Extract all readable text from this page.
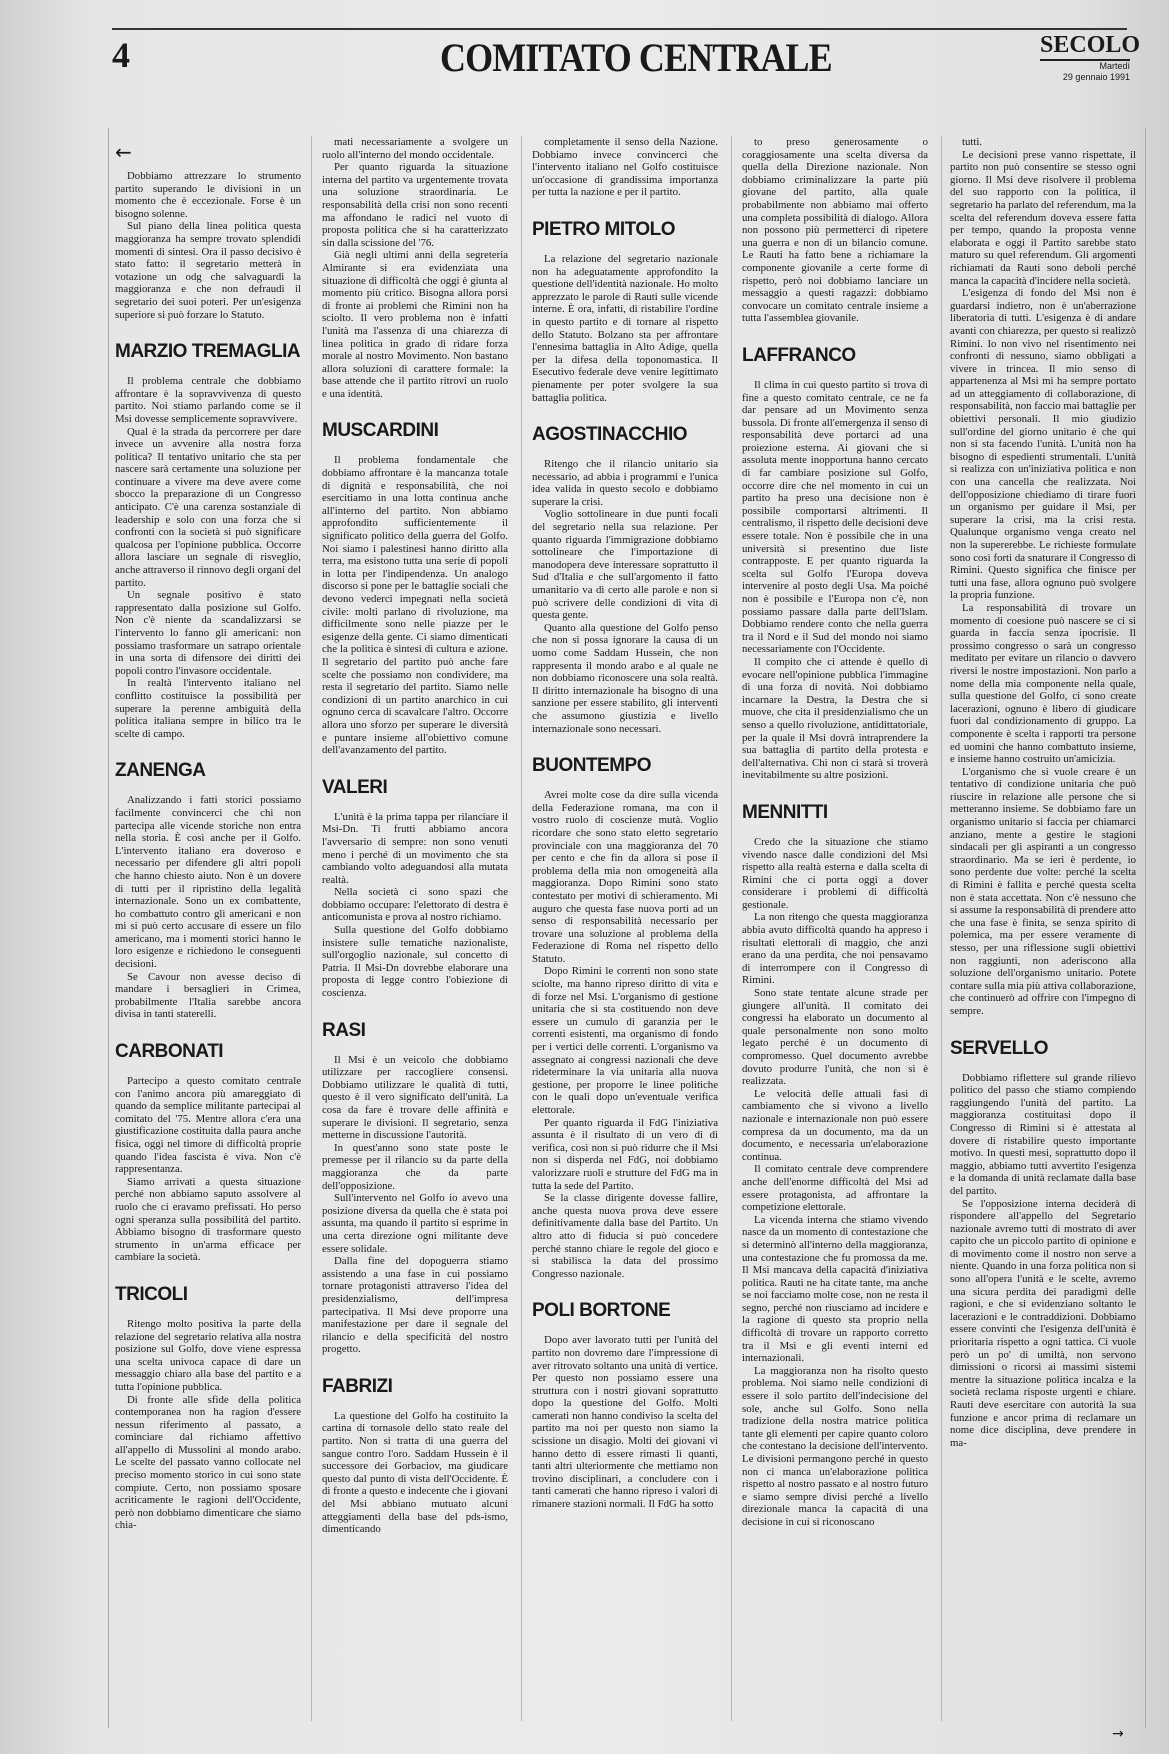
4	COMITATO CENTRALE	SECOLO
Martedì
29 gennaio 1991
←

Dobbiamo attrezzare lo strumento partito superando le divisioni in un momento che è eccezionale. Forse è un bisogno solenne.

Sul piano della linea politica questa maggioranza ha sempre trovato splendidi momenti di sintesi. Ora il passo decisivo è stato fatto: il segretario metterà in votazione un odg che salvaguardi la maggioranza e che non defraudi il segretario dei suoi poteri. Per un'esigenza superiore si può forzare lo Statuto.

MARZIO TREMAGLIA

Il problema centrale che dobbiamo affrontare è la sopravvivenza di questo partito. Noi stiamo parlando come se il Msi dovesse semplicemente sopravvivere.

Qual è la strada da percorrere per dare invece un avvenire alla nostra forza politica? Il tentativo unitario che sta per nascere sarà certamente una soluzione per continuare a vivere ma deve avere come sbocco la preparazione di un Congresso anticipato. C'è una carenza sostanziale di leadership e solo con una forza che si confronti con la società si può significare qualcosa per l'opinione pubblica. Occorre allora lasciare un segnale di risveglio, anche attraverso il rinnovo degli organi del partito.

Un segnale positivo è stato rappresentato dalla posizione sul Golfo. Non c'è niente da scandalizzarsi se l'intervento lo fanno gli americani: non possiamo trasformare un satrapo orientale in una sorta di difensore dei diritti dei popoli contro l'invasore occidentale.

In realtà l'intervento italiano nel conflitto costituisce la possibilità per superare la perenne ambiguità della politica italiana sempre in bilico tra le scelte di campo.

ZANENGA

Analizzando i fatti storici possiamo facilmente convincerci che chi non partecipa alle vicende storiche non entra nella storia. È così anche per il Golfo. L'intervento italiano era doveroso e necessario per difendere gli altri popoli che hanno chiesto aiuto. Non è un dovere di tutti per il ripristino della legalità internazionale. Sono un ex combattente, ho combattuto contro gli americani e non mi si può certo accusare di essere un filo americano, ma i momenti storici hanno le loro esigenze e richiedono le conseguenti decisioni.

Se Cavour non avesse deciso di mandare i bersaglieri in Crimea, probabilmente l'Italia sarebbe ancora divisa in tanti staterelli.

CARBONATI

Partecipo a questo comitato centrale con l'animo ancora più amareggiato di quando da semplice militante partecipai al comitato del '75. Mentre allora c'era una giustificazione costituita dalla paura anche fisica, oggi nel timore di difficoltà proprie quando l'idea fascista è viva. Non c'è rappresentanza.

Siamo arrivati a questa situazione perché non abbiamo saputo assolvere al ruolo che ci eravamo prefissati. Ho perso ogni speranza sulla possibilità del partito. Abbiamo bisogno di trasformare questo strumento in un'arma efficace per cambiare la società.

TRICOLI

Ritengo molto positiva la parte della relazione del segretario relativa alla nostra posizione sul Golfo, dove viene espressa una scelta univoca capace di dare un messaggio chiaro alla base del partito e a tutta l'opinione pubblica.

Di fronte alle sfide della politica contemporanea non ha ragion d'essere nessun riferimento al passato, a cominciare dal richiamo affettivo all'appello di Mussolini al mondo arabo. Le scelte del passato vanno collocate nel preciso momento storico in cui sono state compiute. Certo, non possiamo sposare acriticamente le ragioni dell'Occidente, però non dobbiamo dimenticare che siamo chia-

mati necessariamente a svolgere un ruolo all'interno del mondo occidentale.

Per quanto riguarda la situazione interna del partito va urgentemente trovata una soluzione straordinaria. Le responsabilità della crisi non sono recenti ma affondano le radici nel vuoto di proposta politica che si ha caratterizzato sin dalla scissione del '76.

Già negli ultimi anni della segreteria Almirante si era evidenziata una situazione di difficoltà che oggi è giunta al momento più critico. Bisogna allora porsi di fronte ai problemi che Rimini non ha sciolto. Il vero problema non è infatti l'unità ma l'assenza di una chiarezza di linea politica in grado di ridare forza morale al nostro Movimento. Non bastano allora soluzioni di carattere formale: la base attende che il partito ritrovi un ruolo e una identità.

MUSCARDINI

Il problema fondamentale che dobbiamo affrontare è la mancanza totale di dignità e responsabilità, che noi esercitiamo in una lotta continua anche all'interno del partito. Non abbiamo approfondito sufficientemente il significato politico della guerra del Golfo. Noi siamo i palestinesi hanno diritto alla terra, ma esistono tutta una serie di popoli in lotta per l'indipendenza. Un analogo discorso si pone per le battaglie sociali che devono vederci impegnati nella società civile: molti parlano di rivoluzione, ma difficilmente sono nelle piazze per le esigenze della gente. Ci siamo dimenticati che la politica è sintesi di cultura e azione. Il segretario del partito può anche fare scelte che possiamo non condividere, ma resta il segretario del partito. Siamo nelle condizioni di un partito anarchico in cui ognuno cerca di scavalcare l'altro. Occorre allora uno sforzo per superare le diversità e puntare insieme all'obiettivo comune dell'avanzamento del partito.

VALERI

L'unità è la prima tappa per rilanciare il Msi-Dn. Ti frutti abbiamo ancora l'avversario di sempre: non sono venuti meno i perché di un movimento che sta cambiando volto adeguandosi alla mutata realtà.

Nella società ci sono spazi che dobbiamo occupare: l'elettorato di destra è anticomunista e prova al nostro richiamo.

Sulla questione del Golfo dobbiamo insistere sulle tematiche nazionaliste, sull'orgoglio nazionale, sul concetto di Patria. Il Msi-Dn dovrebbe elaborare una proposta di legge contro l'obiezione di coscienza.

RASI

Il Msi è un veicolo che dobbiamo utilizzare per raccogliere consensi. Dobbiamo utilizzare le qualità di tutti, questo è il vero significato dell'unità. La cosa da fare è trovare delle affinità e superare le divisioni. Il segretario, senza metterne in discussione l'autorità.

In quest'anno sono state poste le premesse per il rilancio su da parte della maggioranza che da parte dell'opposizione.

Sull'intervento nel Golfo io avevo una posizione diversa da quella che è stata poi assunta, ma quando il partito si esprime in una certa direzione ogni militante deve essere solidale.

Dalla fine del dopoguerra stiamo assistendo a una fase in cui possiamo tornare protagonisti attraverso l'idea del presidenzialismo, dell'impresa partecipativa. Il Msi deve proporre una manifestazione per dare il segnale del rilancio e della specificità del nostro progetto.

FABRIZI

La questione del Golfo ha costituito la cartina di tornasole dello stato reale del partito. Non si tratta di una guerra del sangue contro l'oro. Saddam Hussein è il successore dei Gorbaciov, ma giudicare questo dal punto di vista dell'Occidente. È di fronte a questo e indecente che i giovani del Msi abbiano mutuato alcuni atteggiamenti della base del pds-ismo, dimenticando

completamente il senso della Nazione. Dobbiamo invece convincerci che l'intervento italiano nel Golfo costituisce un'occasione di grandissima importanza per tutta la nazione e per il partito.

PIETRO MITOLO

La relazione del segretario nazionale non ha adeguatamente approfondito la questione dell'identità nazionale. Ho molto apprezzato le parole di Rauti sulle vicende interne. È ora, infatti, di ristabilire l'ordine in questo partito e di tornare al rispetto dello Statuto. Bolzano sta per affrontare l'ennesima battaglia in Alto Adige, quella per la difesa della toponomastica. Il Esecutivo federale deve venire legittimato pienamente per poter svolgere la sua battaglia politica.

AGOSTINACCHIO

Ritengo che il rilancio unitario sia necessario, ad abbia i programmi e l'unica idea valida in questo secolo e dobbiamo superare la crisi.

Voglio sottolineare in due punti focali del segretario nella sua relazione. Per quanto riguarda l'immigrazione dobbiamo sottolineare che l'importazione di manodopera deve interessare soprattutto il Sud d'Italia e che sull'argomento il fatto umanitario va di certo alle parole e non si può scrivere delle condizioni di vita di questa gente.

Quanto alla questione del Golfo penso che non si possa ignorare la causa di un uomo come Saddam Hussein, che non rappresenta il mondo arabo e al quale ne non dobbiamo riconoscere una sola realtà. Il diritto internazionale ha bisogno di una sanzione per essere stabilito, gli interventi che assumono giustizia e livello internazionale sono necessari.

BUONTEMPO

Avrei molte cose da dire sulla vicenda della Federazione romana, ma con il vostro ruolo di coscienze mutà. Voglio ricordare che sono stato eletto segretario provinciale con una maggioranza del 70 per cento e che fin da allora si pose il problema della mia non omogeneità alla maggioranza. Dopo Rimini sono stato contestato per motivi di schieramento. Mi auguro che questa fase nuova porti ad un senso di responsabilità necessario per trovare una soluzione al problema della Federazione di Roma nel rispetto dello Statuto.

Dopo Rimini le correnti non sono state sciolte, ma hanno ripreso diritto di vita e di forze nel Msi. L'organismo di gestione unitaria che si sta costituendo non deve essere un cumulo di garanzia per le correnti esistenti, ma organismo di fondo per i vertici delle correnti. L'organismo va assegnato ai congressi nazionali che deve rideterminare la via unitaria alla nuova gestione, per proporre le linee politiche con le quali dopo un'eventuale verifica elettorale.

Per quanto riguarda il FdG l'iniziativa assunta è il risultato di un vero di di verifica, così non si può ridurre che il Msi non si disperda nel FdG, noi dobbiamo valorizzare ruoli e strutture del FdG ma in tutta la sede del Partito.

Se la classe dirigente dovesse fallire, anche questa nuova prova deve essere definitivamente dalla base del Partito. Un altro atto di fiducia si può concedere perché stanno chiare le regole del gioco e si stabilisca la data del prossimo Congresso nazionale.

POLI BORTONE

Dopo aver lavorato tutti per l'unità del partito non dovremo dare l'impressione di aver ritrovato soltanto una unità di vertice. Per questo non possiamo essere una struttura con i nostri giovani soprattutto dopo la questione del Golfo. Molti camerati non hanno condiviso la scelta del partito ma noi per questo non siamo la scissione un disagio. Molti dei giovani vi hanno detto di essere rimasti lì quanti, tanti altri ulteriormente che mettiamo non trovino disciplinari, a concludere con i tanti camerati che hanno ripreso i valori di rimanere stazioni normali. Il FdG ha sotto

to preso generosamente o coraggiosamente una scelta diversa da quella della Direzione nazionale. Non dobbiamo criminalizzare la parte più giovane del partito, alla quale probabilmente non abbiamo mai offerto una completa possibilità di dialogo. Allora non possono più permetterci di ripetere una guerra e non di un bilancio comune. Le Rauti ha fatto bene a richiamare la componente giovanile a certe forme di rispetto, però noi dobbiamo lanciare un messaggio a questi ragazzi: dobbiamo convocare un comitato centrale insieme a tutta l'assemblea giovanile.

LAFFRANCO

Il clima in cui questo partito si trova di fine a questo comitato centrale, ce ne fa dar pensare ad un Movimento senza bussola. Di fronte all'emergenza il senso di responsabilità deve portarci ad una proiezione esterna. Ai giovani che si assoluta mente inopportuna hanno cercato di far cambiare posizione sul Golfo, occorre dire che nel momento in cui un partito ha preso una decisione non è possibile comportarsi altrimenti. Il centralismo, il rispetto delle decisioni deve essere totale. Non è possibile che in una università si presentino due liste contrapposte. E per quanto riguarda la scelta sul Golfo l'Europa doveva intervenire al posto degli Usa. Ma poiché non è possibile e l'Europa non c'è, non possiamo passare dalla parte dell'Islam. Dobbiamo rendere conto che nella guerra tra il Nord e il Sud del mondo noi siamo necessariamente con l'Occidente.

Il compito che ci attende è quello di evocare nell'opinione pubblica l'immagine di una forza di novità. Noi dobbiamo incarnare la Destra, la Destra che si muove, che cita il presidenzialismo che un senso a quello rivoluzione, antidittatoriale, per la quale il Msi dovrà intraprendere la sua battaglia di partito della protesta e dell'alternativa. Chi non ci starà si troverà inevitabilmente su altre posizioni.

MENNITTI

Credo che la situazione che stiamo vivendo nasce dalle condizioni del Msi rispetto alla realtà esterna e dalla scelta di Rimini che ci porta oggi a dover considerare i problemi di difficoltà gestionale.

La non ritengo che questa maggioranza abbia avuto difficoltà quando ha appreso i risultati elettorali di maggio, che anzi erano da una perdita, che noi pensavamo di interrompere con il Congresso di Rimini.

Sono state tentate alcune strade per giungere all'unità. Il comitato dei congressi ha elaborato un documento al quale personalmente non sono molto legato perché è un documento di compromesso. Quel documento avrebbe dovuto produrre l'unità, che non si è realizzata.

Le velocità delle attuali fasi di cambiamento che si vivono a livello nazionale e internazionale non può essere compresa da un documento, ma da un documento, e necessaria un'elaborazione continua.

Il comitato centrale deve comprendere anche dell'enorme difficoltà del Msi ad essere protagonista, ad affrontare la competizione elettorale.

La vicenda interna che stiamo vivendo nasce da un momento di contestazione che si determinò all'interno della maggioranza, una contestazione che fu promossa da me. Il Msi mancava della capacità d'iniziativa politica. Rauti ne ha citate tante, ma anche se noi facciamo molte cose, non ne resta il segno, perché non riusciamo ad incidere e la ragione di questo sta proprio nella difficoltà di trovare un rapporto corretto tra il Msi e gli eventi interni ed internazionali.

La maggioranza non ha risolto questo problema. Noi siamo nelle condizioni di essere il solo partito dell'indecisione del sole, anche sul Golfo. Sono nella tradizione della nostra matrice politica tante gli elementi per capire quanto coloro che contestano la decisione dell'intervento. Le divisioni permangono perché in questo non ci manca un'elaborazione politica rispetto al nostro passato e al nostro futuro e siamo sempre divisi perché a livello direzionale manca la capacità di una decisione in cui si riconoscano

tutti.

Le decisioni prese vanno rispettate, il partito non può consentire se stesso ogni giorno. Il Msi deve risolvere il problema del suo rapporto con la politica, il segretario ha parlato del referendum, ma la scelta del referendum doveva essere fatta per tempo, quando la proposta venne elaborata e oggi il Partito sarebbe stato maturo su quel referendum. Gli argomenti richiamati da Rauti sono deboli perché manca la capacità d'incidere nella società.

L'esigenza di fondo del Msi non è guardarsi indietro, non è un'aberrazione liberatoria di tutti. L'esigenza è di andare avanti con chiarezza, per questo si realizzò Rimini. Io non vivo nel risentimento nei confronti di nessuno, siamo obbligati a vivere in trincea. Il mio senso di appartenenza al Msi mi ha sempre portato ad un atteggiamento di collaborazione, di responsabilità, non faccio mai battaglie per obiettivi personali. Il mio giudizio sull'ordine del giorno unitario è che qui non si sta facendo l'unità. L'unità non ha bisogno di espedienti strumentali. L'unità si realizza con un'iniziativa politica e non con una cancella che realizzata. Noi dell'opposizione chiediamo di tirare fuori un organismo per guidare il Msi, per superare la crisi, ma la crisi resta. Qualunque organismo venga creato nel non la supererebbe. Le richieste formulate sono così forti da snaturare il Congresso di Rimini. Questo significa che finisce per tutti una fase, allora ognuno può svolgere la propria funzione.

La responsabilità di trovare un momento di coesione può nascere se ci si guarda in faccia senza ipocrisie. Il prossimo congresso o sarà un congresso meditato per evitare un rilancio o davvero riversi le nostre impostazioni. Non parlo a nome della mia componente nella quale, sulla questione del Golfo, ci sono create lacerazioni, ognuno è libero di giudicare fuori dal condizionamento di gruppo. La componente è scelta i rapporti tra persone ed uomini che hanno combattuto insieme, e insieme hanno costruito un'amicizia.

L'organismo che si vuole creare è un tentativo di condizione unitaria che può riuscire in relazione alle persone che si metteranno insieme. Se dobbiamo fare un organismo unitario si faccia per chiamarci anziano, mente a gestire le stagioni sindacali per gli aspiranti a un congresso straordinario. Ma se ieri è perdente, io sono perdente due volte: perché la scelta di Rimini è fallita e perché questa scelta non è stata accettata. Non c'è nessuno che si assume la responsabilità di prendere atto che una fase è finita, se senza spirito di polemica, ma per essere veramente di stesso, per una riflessione sugli obiettivi non raggiunti, non aderiscono alla soluzione dell'organismo unitario. Potete contare sulla mia più attiva collaborazione, che continuerò ad offrire con l'impegno di sempre.

SERVELLO

Dobbiamo riflettere sul grande rilievo politico del passo che stiamo compiendo raggiungendo l'unità del partito. La maggioranza costituitasi dopo il Congresso di Rimini si è attestata al dovere di ristabilire questo importante motivo. In questi mesi, soprattutto dopo il maggio, abbiamo tutti avvertito l'esigenza e la domanda di unità reclamate dalla base del partito.

Se l'opposizione interna deciderà di rispondere all'appello del Segretario nazionale avremo tutti di mostrato di aver capito che un piccolo partito di opinione e di movimento come il nostro non serve a niente. Quando in una forza politica non si sono all'opera l'unità e le scelte, avremo una sicura perdita dei paradigmi delle ragioni, e che si evidenziano soltanto le lacerazioni e le contraddizioni. Dobbiamo essere convinti che l'esigenza dell'unità è prioritaria rispetto a ogni tattica. Ci vuole però un po' di umiltà, non servono dimissioni o ricorsi ai massimi sistemi mentre la situazione politica incalza e la società reclama risposte urgenti e chiare. Rauti deve esercitare con autorità la sua funzione e ancor prima di reclamare un nome dice disciplina, deve prendere in ma-

→
